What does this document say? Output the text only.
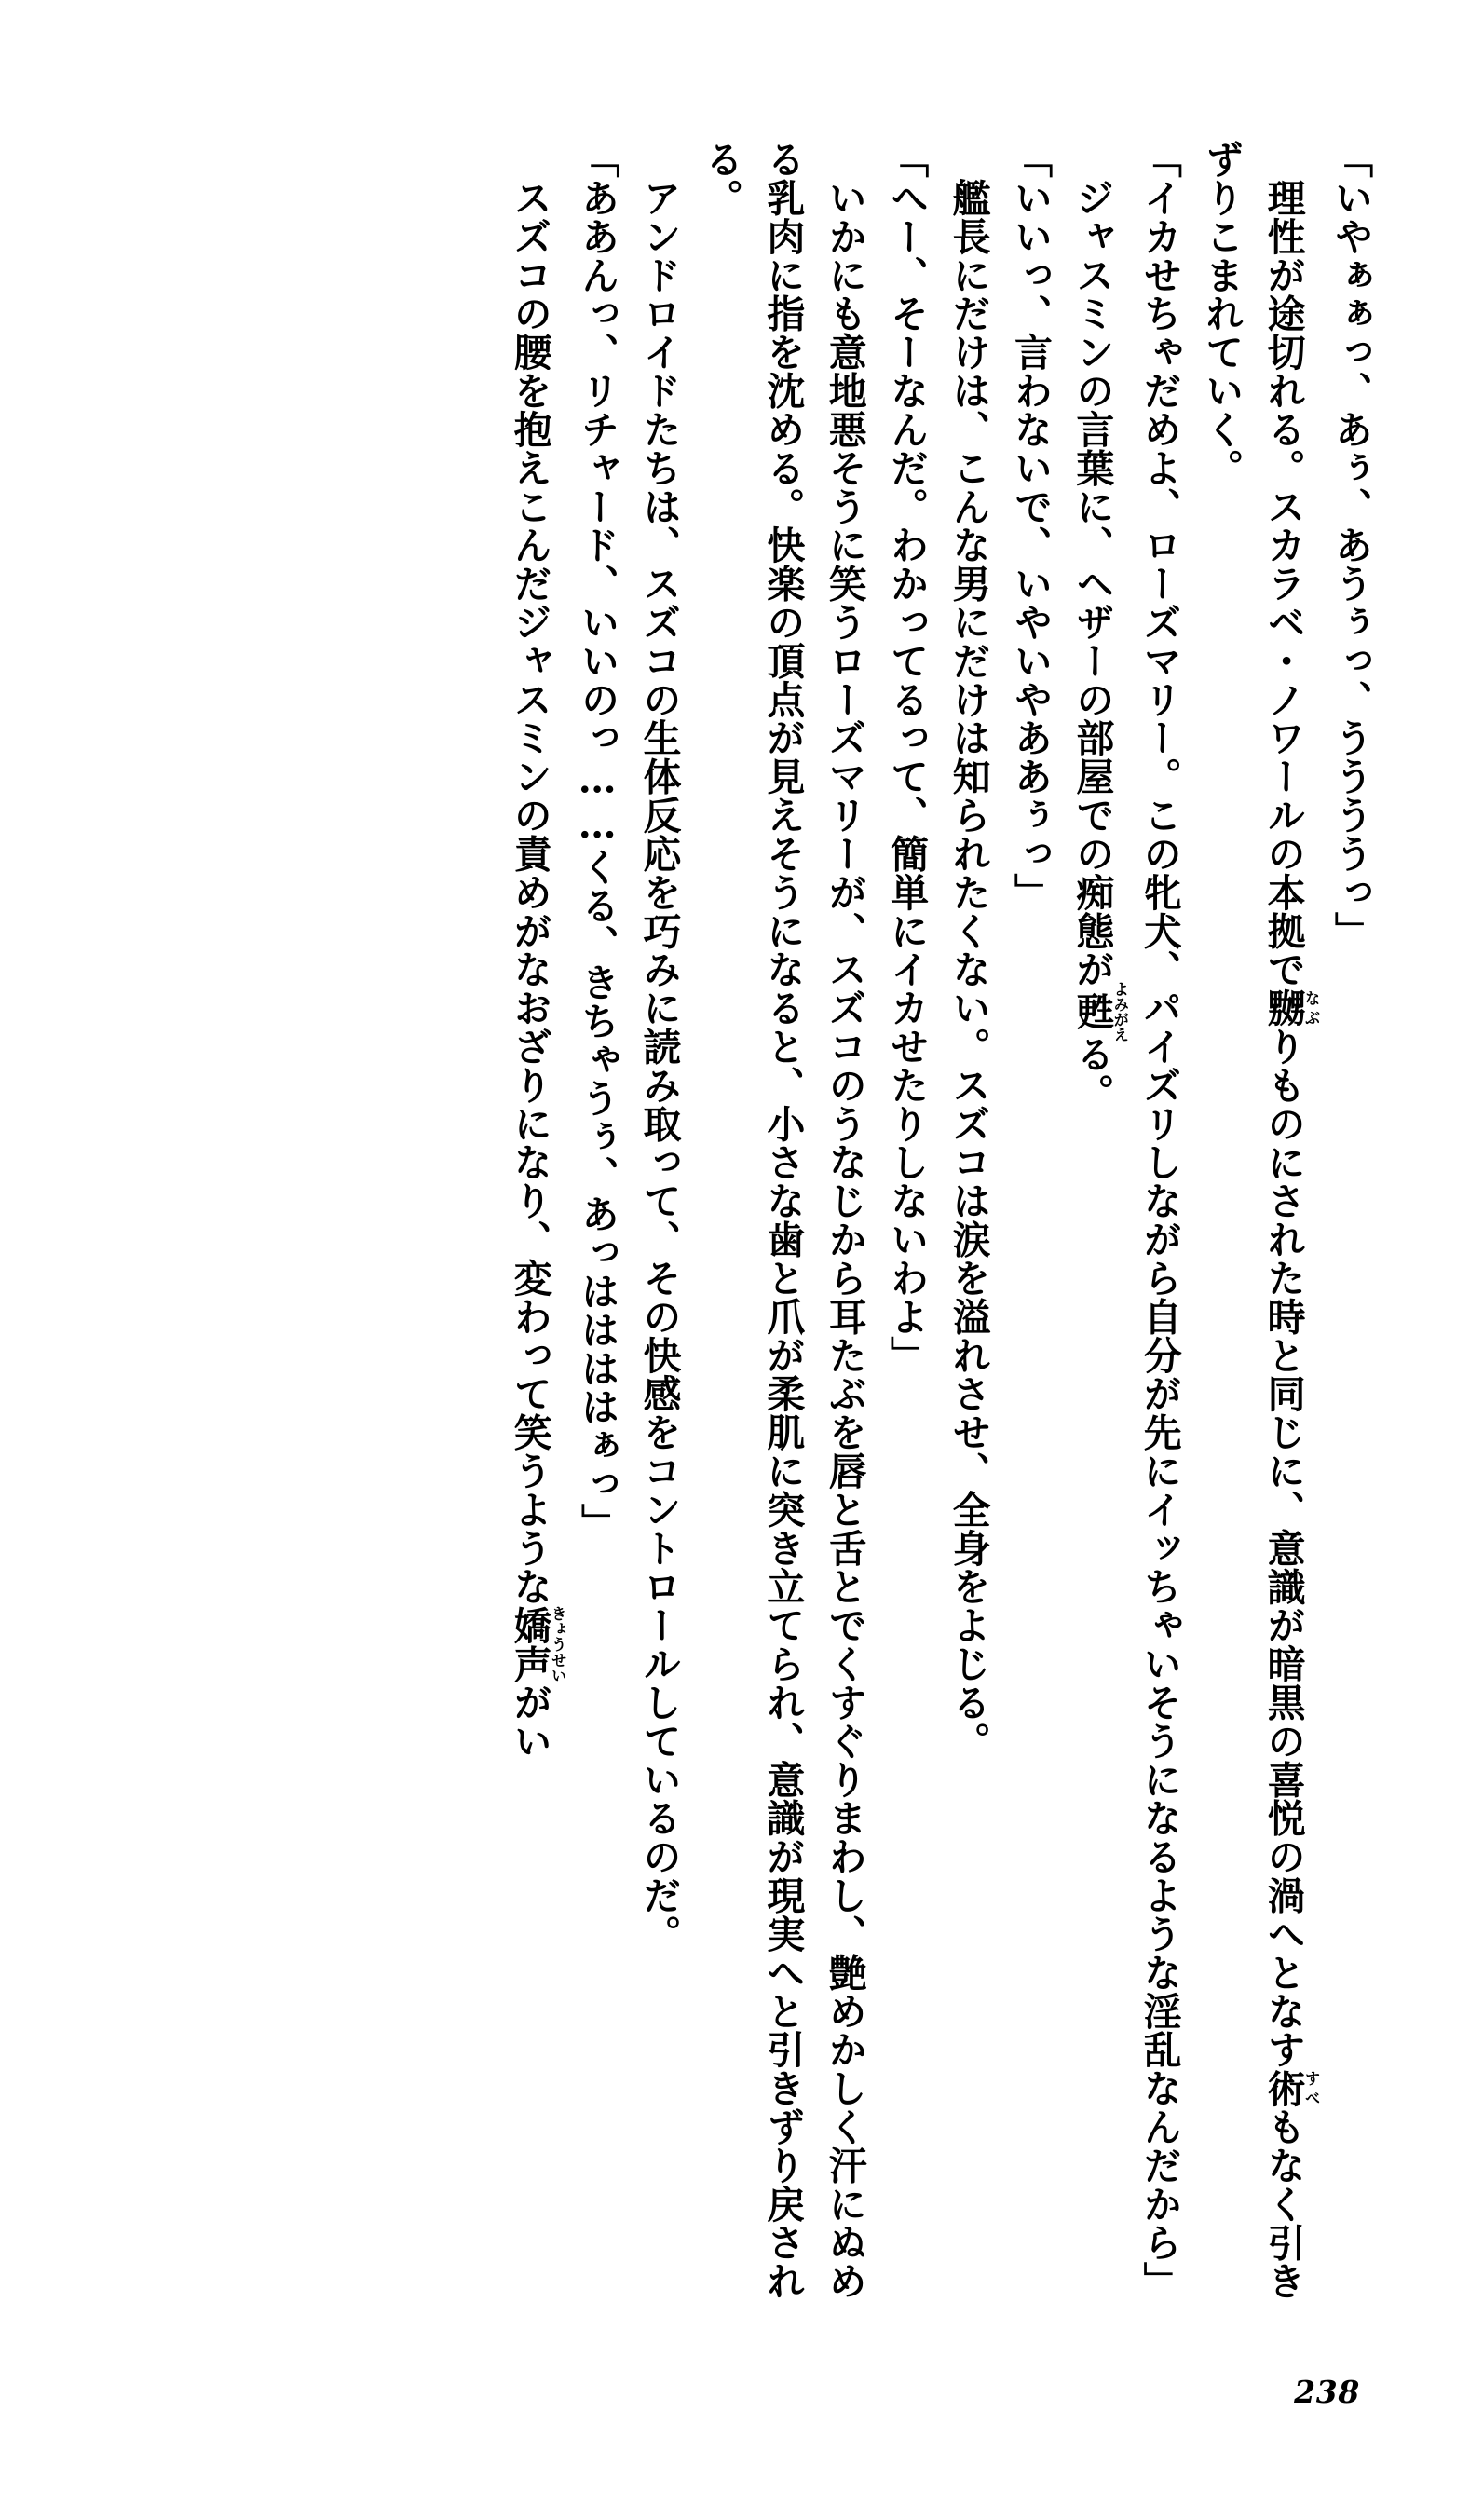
「いやぁぁっ、あぅ、あうぅっ、ううううっ」

　理性が途切れる。スカラベ・ノワールの本拠で嬲なぶりものにされた時と同じに、意識が暗黒の喜悦の渦へとなす術すべもなく引きずりこまれていく。

「イカせちゃだめよ、ローズマリー。この牝犬、パイズリしながら自分が先にイッちゃいそうになるような淫乱なんだから」

　ジャスミンの言葉に、ヘザーの部屋での痴態が甦よみがえる。

「いいっ、言わないで、いやいやああぅっ」

　艦長にだけは、こんな男にだけは知られたくない。スズコは涙を溢れさせ、全身をよじる。

「へー、そーなんだ。わかってるって、簡単にイカせたりしないわよ」

　いかにも意地悪そうに笑うローズマリーが、スズコのうなじから耳たぶを唇と舌とでくすぐりまわし、艶めかしく汗にぬめる乳肉に指を沈める。快楽の頂点が見えそうになると、小さな歯と爪が柔肌に突き立てられ、意識が現実へと引きずり戻される。

　アンドロイドたちは、スズコの生体反応を巧みに読み取って、その快感をコントロールしているのだ。

「ああんっ、リチャード、いいのっ……くる、きちゃうぅ、あっははははぁっ」

　スズコの腰を抱えこんだジャスミンの責めがなおざりになり、変わって笑うような嬌声きょうせいがい

238
